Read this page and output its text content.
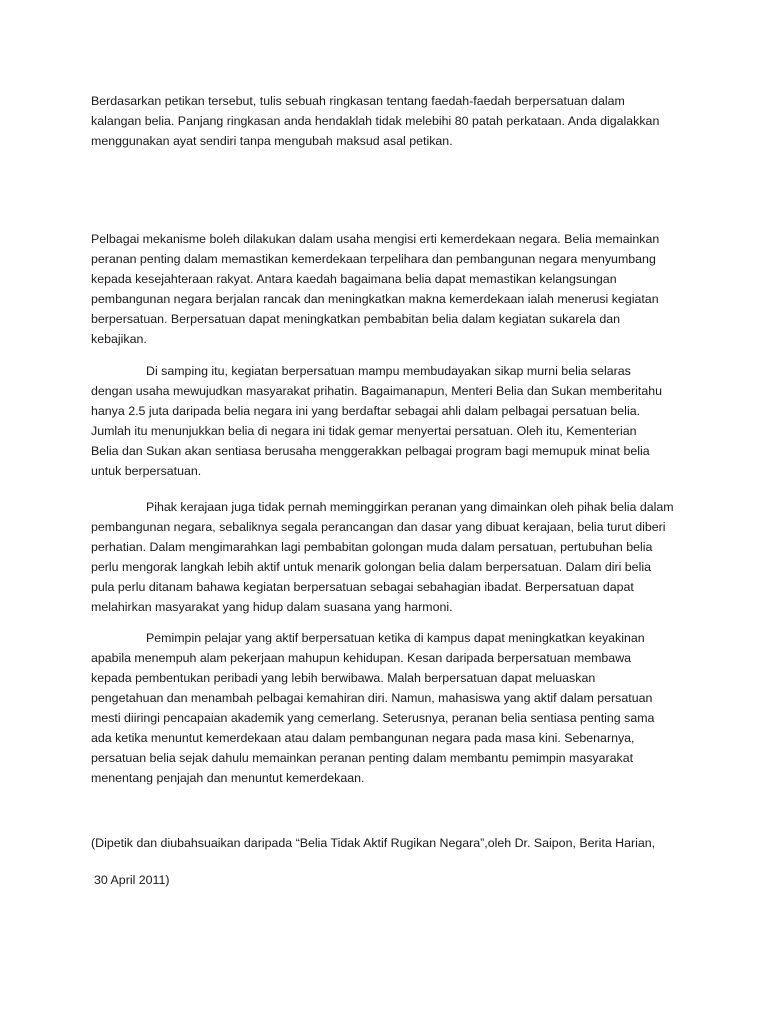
Berdasarkan petikan tersebut, tulis sebuah ringkasan tentang faedah-faedah berpersatuan dalam
kalangan belia. Panjang ringkasan anda hendaklah tidak melebihi 80 patah perkataan. Anda digalakkan
menggunakan ayat sendiri tanpa mengubah maksud asal petikan.
Pelbagai mekanisme boleh dilakukan dalam usaha mengisi erti kemerdekaan negara. Belia memainkan
peranan penting dalam memastikan kemerdekaan terpelihara dan pembangunan negara menyumbang
kepada kesejahteraan rakyat. Antara kaedah bagaimana belia dapat memastikan kelangsungan
pembangunan negara berjalan rancak dan meningkatkan makna kemerdekaan ialah menerusi kegiatan
berpersatuan. Berpersatuan dapat meningkatkan pembabitan belia dalam kegiatan sukarela dan
kebajikan.
Di samping itu, kegiatan berpersatuan mampu membudayakan sikap murni belia selaras
dengan usaha mewujudkan masyarakat prihatin. Bagaimanapun, Menteri Belia dan Sukan memberitahu
hanya 2.5 juta daripada belia negara ini yang berdaftar sebagai ahli dalam pelbagai persatuan belia.
Jumlah itu menunjukkan belia di negara ini tidak gemar menyertai persatuan. Oleh itu, Kementerian
Belia dan Sukan akan sentiasa berusaha menggerakkan pelbagai program bagi memupuk minat belia
untuk berpersatuan.
Pihak kerajaan juga tidak pernah meminggirkan peranan yang dimainkan oleh pihak belia dalam
pembangunan negara, sebaliknya segala perancangan dan dasar yang dibuat kerajaan, belia turut diberi
perhatian. Dalam mengimarahkan lagi pembabitan golongan muda dalam persatuan, pertubuhan belia
perlu mengorak langkah lebih aktif untuk menarik golongan belia dalam berpersatuan. Dalam diri belia
pula perlu ditanam bahawa kegiatan berpersatuan sebagai sebahagian ibadat. Berpersatuan dapat
melahirkan masyarakat yang hidup dalam suasana yang harmoni.
Pemimpin pelajar yang aktif berpersatuan ketika di kampus dapat meningkatkan keyakinan
apabila menempuh alam pekerjaan mahupun kehidupan. Kesan daripada berpersatuan membawa
kepada pembentukan peribadi yang lebih berwibawa. Malah berpersatuan dapat meluaskan
pengetahuan dan menambah pelbagai kemahiran diri. Namun, mahasiswa yang aktif dalam persatuan
mesti diiringi pencapaian akademik yang cemerlang. Seterusnya, peranan belia sentiasa penting sama
ada ketika menuntut kemerdekaan atau dalam pembangunan negara pada masa kini. Sebenarnya,
persatuan belia sejak dahulu memainkan peranan penting dalam membantu pemimpin masyarakat
menentang penjajah dan menuntut kemerdekaan.
(Dipetik dan diubahsuaikan daripada “Belia Tidak Aktif Rugikan Negara”,oleh Dr. Saipon, Berita Harian,
30 April 2011)
